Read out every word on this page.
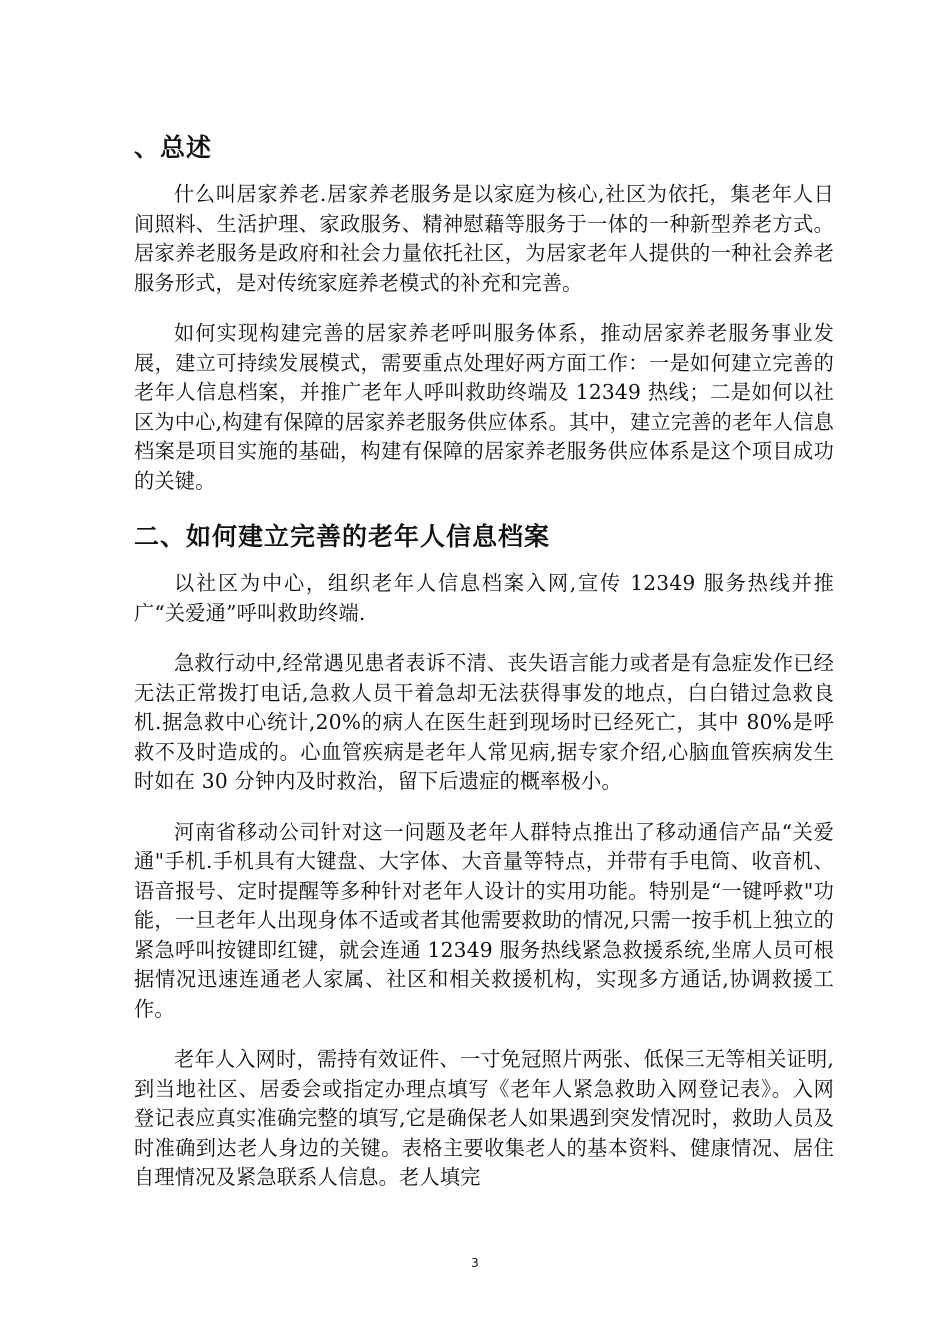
、总述

什么叫居家养老.居家养老服务是以家庭为核心,社区为依托，集老年人日间照料、生活护理、家政服务、精神慰藉等服务于一体的一种新型养老方式。居家养老服务是政府和社会力量依托社区，为居家老年人提供的一种社会养老服务形式，是对传统家庭养老模式的补充和完善。

如何实现构建完善的居家养老呼叫服务体系，推动居家养老服务事业发展，建立可持续发展模式，需要重点处理好两方面工作：一是如何建立完善的老年人信息档案，并推广老年人呼叫救助终端及 12349 热线；二是如何以社区为中心,构建有保障的居家养老服务供应体系。其中，建立完善的老年人信息档案是项目实施的基础，构建有保障的居家养老服务供应体系是这个项目成功的关键。

二、如何建立完善的老年人信息档案

以社区为中心，组织老年人信息档案入网,宣传 12349 服务热线并推广“关爱通”呼叫救助终端.

急救行动中,经常遇见患者表诉不清、丧失语言能力或者是有急症发作已经无法正常拨打电话,急救人员干着急却无法获得事发的地点，白白错过急救良机.据急救中心统计,20%的病人在医生赶到现场时已经死亡，其中 80%是呼救不及时造成的。心血管疾病是老年人常见病,据专家介绍,心脑血管疾病发生时如在 30 分钟内及时救治，留下后遗症的概率极小。

河南省移动公司针对这一问题及老年人群特点推出了移动通信产品“关爱通"手机.手机具有大键盘、大字体、大音量等特点，并带有手电筒、收音机、语音报号、定时提醒等多种针对老年人设计的实用功能。特别是“一键呼救"功能，一旦老年人出现身体不适或者其他需要救助的情况,只需一按手机上独立的紧急呼叫按键即红键，就会连通 12349 服务热线紧急救援系统,坐席人员可根据情况迅速连通老人家属、社区和相关救援机构，实现多方通话,协调救援工作。

老年人入网时，需持有效证件、一寸免冠照片两张、低保三无等相关证明,到当地社区、居委会或指定办理点填写《老年人紧急救助入网登记表》。入网登记表应真实准确完整的填写,它是确保老人如果遇到突发情况时，救助人员及时准确到达老人身边的关键。表格主要收集老人的基本资料、健康情况、居住自理情况及紧急联系人信息。老人填完

3
